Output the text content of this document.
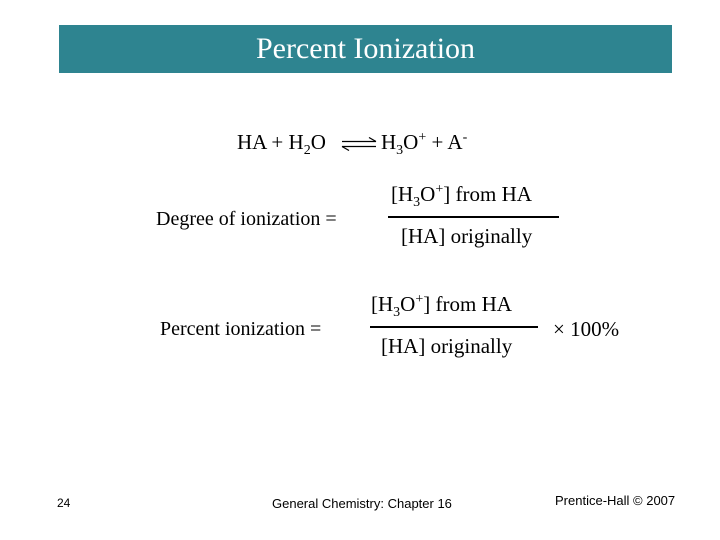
Percent Ionization
HA + $H_2O$ ⇌ $H_3O^+ + A^-$
Degree of ionization =
$[H_3O^+]$ from HA
[HA] originally
Percent ionization =
$[H_3O^+]$ from HA
[HA] originally
× 100%
24	General Chemistry: Chapter 16	Prentice-Hall © 2007
